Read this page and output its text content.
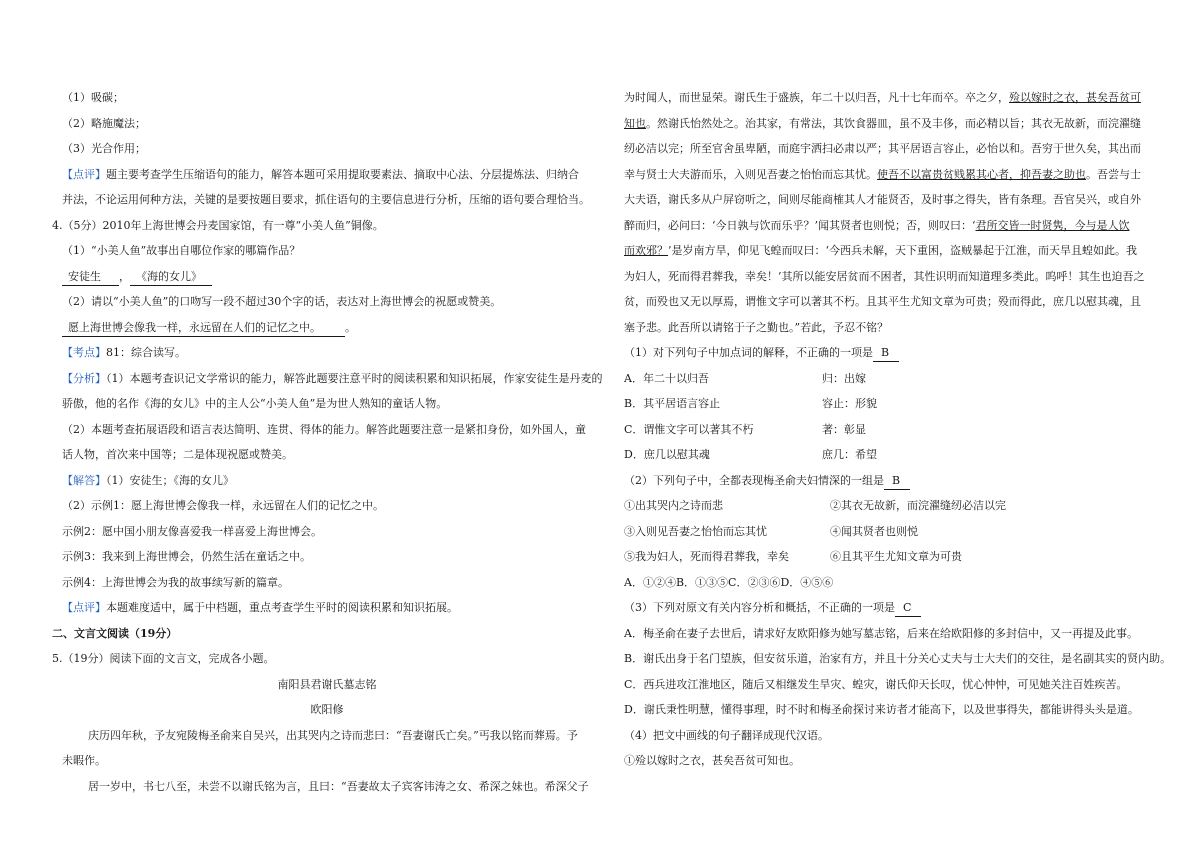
（1）吸碳；
（2）略施魔法；
（3）光合作用；
【点评】题主要考查学生压缩语句的能力，解答本题可采用提取要素法、摘取中心法、分层提炼法、归纳合
并法，不论运用何种方法，关键的是要按题目要求，抓住语句的主要信息进行分析，压缩的语句要合理恰当。
4.（5分）2010年上海世博会丹麦国家馆，有一尊“小美人鱼”铜像。
（1）“小美人鱼”故事出自哪位作家的哪篇作品？
安徒生 ， 《海的女儿》
（2）请以“小美人鱼”的口吻写一段不超过30个字的话，表达对上海世博会的祝愿或赞美。
愿上海世博会像我一样，永远留在人们的记忆之中。 。
【考点】81：综合读写。
【分析】（1）本题考查识记文学常识的能力，解答此题要注意平时的阅读积累和知识拓展，作家安徒生是丹麦的
骄傲，他的名作《海的女儿》中的主人公“小美人鱼”是为世人熟知的童话人物。
（2）本题考查拓展语段和语言表达简明、连贯、得体的能力。解答此题要注意一是紧扣身份，如外国人，童
话人物，首次来中国等；二是体现祝愿或赞美。
【解答】（1）安徒生；《海的女儿》
（2）示例1：愿上海世博会像我一样，永远留在人们的记忆之中。
示例2：愿中国小朋友像喜爱我一样喜爱上海世博会。
示例3：我来到上海世博会，仍然生活在童话之中。
示例4：上海世博会为我的故事续写新的篇章。
【点评】本题难度适中，属于中档题，重点考查学生平时的阅读积累和知识拓展。
二、文言文阅读（19分）
5.（19分）阅读下面的文言文，完成各小题。
南阳县君谢氏墓志铭
欧阳修
庆历四年秋，予友宛陵梅圣俞来自吴兴，出其哭内之诗而悲曰：“吾妻谢氏亡矣。”丐我以铭而葬焉。予
未暇作。
居一岁中，书七八至，未尝不以谢氏铭为言，且曰：“吾妻故太子宾客讳涛之女、希深之妹也。希深父子
为时闻人，而世显荣。谢氏生于盛族，年二十以归吾，凡十七年而卒。卒之夕，殓以嫁时之衣，甚矣吾贫可
知也。然谢氏怡然处之。治其家，有常法，其饮食器皿，虽不及丰侈，而必精以旨；其衣无故新，而浣濯缝
纫必洁以完；所至官舍虽卑陋，而庭宇洒扫必肃以严；其平居语言容止，必怡以和。吾穷于世久矣，其出而
幸与贤士大夫游而乐，入则见吾妻之怡怡而忘其忧。使吾不以富贵贫贱累其心者，抑吾妻之助也。吾尝与士
大夫语，谢氏多从户屏窃听之，间则尽能商榷其人才能贤否，及时事之得失，皆有条理。吾官吴兴，或自外
醉而归，必问曰：‘今日孰与饮而乐乎？’闻其贤者也则悦；否，则叹曰：‘君所交皆一时贤隽，今与是人饮
而欢邪？’是岁南方旱，仰见飞蝗而叹曰：‘今西兵未解，天下重困，盗贼暴起于江淮，而天旱且蝗如此。我
为妇人，死而得君葬我，幸矣！’其所以能安居贫而不困者，其性识明而知道理多类此。呜呼！其生也迫吾之
贫，而殁也又无以厚焉，谓惟文字可以著其不朽。且其平生尤知文章为可贵；殁而得此，庶几以慰其魂，且
塞予悲。此吾所以请铭于子之勤也。”若此，予忍不铭？
（1）对下列句子中加点词的解释，不正确的一项是 B
A．年二十以归吾	归：出嫁
B．其平居语言容止	容止：形貌
C．谓惟文字可以著其不朽	著：彰显
D．庶几以慰其魂	庶几：希望
（2）下列句子中，全都表现梅圣俞夫妇情深的一组是 B
①出其哭内之诗而悲	②其衣无故新，而浣濯缝纫必洁以完
③入则见吾妻之怡怡而忘其忧	④闻其贤者也则悦
⑤我为妇人，死而得君葬我，幸矣	⑥且其平生尤知文章为可贵
A．①②④B．①③⑤C．②③⑥D．④⑤⑥
（3）下列对原文有关内容分析和概括，不正确的一项是 C
A．梅圣俞在妻子去世后，请求好友欧阳修为她写墓志铭，后来在给欧阳修的多封信中，又一再提及此事。
B．谢氏出身于名门望族，但安贫乐道，治家有方，并且十分关心丈夫与士大夫们的交往，是名副其实的贤内助。
C．西兵进攻江淮地区，随后又相继发生旱灾、蝗灾，谢氏仰天长叹，忧心忡忡，可见她关注百姓疾苦。
D．谢氏秉性明慧，懂得事理，时不时和梅圣俞探讨来访者才能高下，以及世事得失，都能讲得头头是道。
（4）把文中画线的句子翻译成现代汉语。
①殓以嫁时之衣，甚矣吾贫可知也。
